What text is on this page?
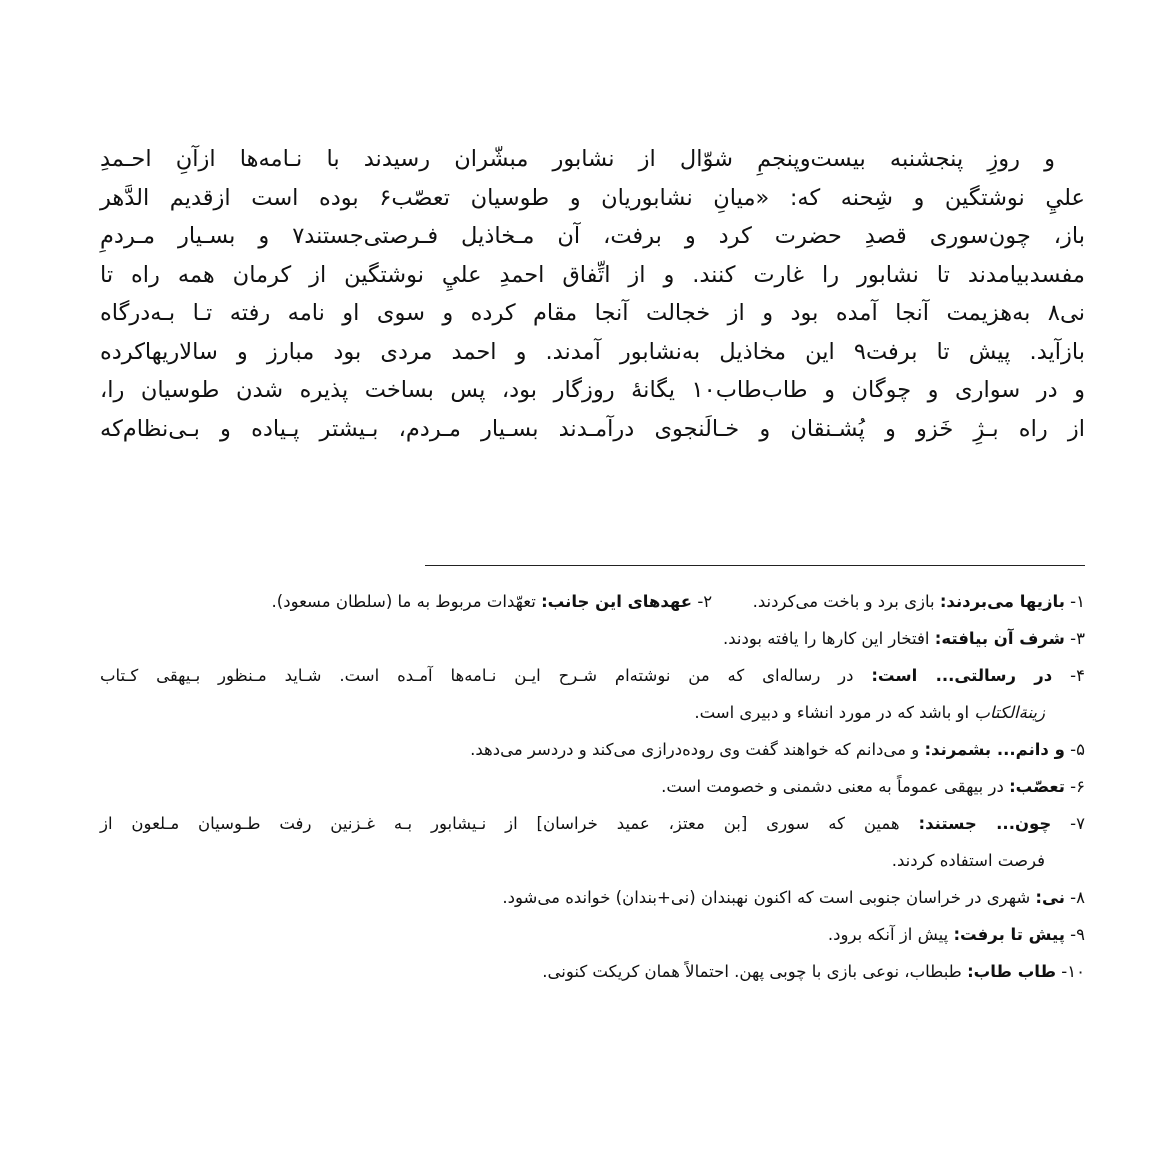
و روزِ پنجشنبه بیست‌وپنجمِ شوّال از نشابور مبشّران رسیدند با نـامه‌ها ازآنِ احـمدِ
عليِ نوشتگین و شِحنه که: «میانِ نشابوریان و طوسیان تعصّب۶ بوده است ازقدیم الدَّهر
باز، چون‌سوری قصدِ حضرت کرد و برفت، آن مـخاذیل فـرصتی‌جستند۷ و بسـیار مـردمِ
مفسدبیامدند تا نشابور را غارت کنند. و از اتِّفاق احمدِ عليِ نوشتگین از کرمان همه راه تا
نی۸ به‌هزیمت آنجا آمده بود و از خجالت آنجا مقام کرده و سوی او نامه رفته تـا بـه‌درگاه
بازآید. پیش تا برفت۹ این مخاذیل به‌نشابور آمدند. و احمد مردی بود مبارز و سالاریهاکرده
و در سواری و چوگان و طاب‌طاب۱۰ یگانهٔ روزگار بود، پس بساخت پذیره شدن طوسیان را،
از راه بـژِ خَزو و پُشـنقان و خـالَنجوی درآمـدند بسـیار مـردم، بـیشتر پـیاده و بـی‌نظام‌که

۱- بازیها می‌بردند: بازی برد و باخت می‌کردند.  ۲- عهدهای این جانب: تعهّدات مربوط به ما (سلطان مسعود).
۳- شرف آن بیافته: افتخار این کارها را یافته بودند.
۴- در رسالتی... است: در رساله‌ای که من نوشته‌ام شـرح ایـن نـامه‌ها آمـده است. شـاید مـنظور بـیهقی کـتاب
زینة‌الکتاب او باشد که در مورد انشاء و دبیری است.
۵- و دانم... بشمرند: و می‌دانم که خواهند گفت وی روده‌درازی می‌کند و دردسر می‌دهد.
۶- تعصّب: در بیهقی عموماً به معنی دشمنی و خصومت است.
۷- چون... جستند: همین که سوری [بن معتز، عمید خراسان] از نـیشابور بـه غـزنین رفت طـوسیان مـلعون از
فرصت استفاده کردند.
۸- نی: شهری در خراسان جنوبی است که اکنون نهبندان (نی+بندان) خوانده می‌شود.
۹- پیش تا برفت: پیش از آنکه برود.
۱۰- طاب طاب: طبطاب، نوعی بازی با چوبی پهن. احتمالاً همان کریکت کنونی.
